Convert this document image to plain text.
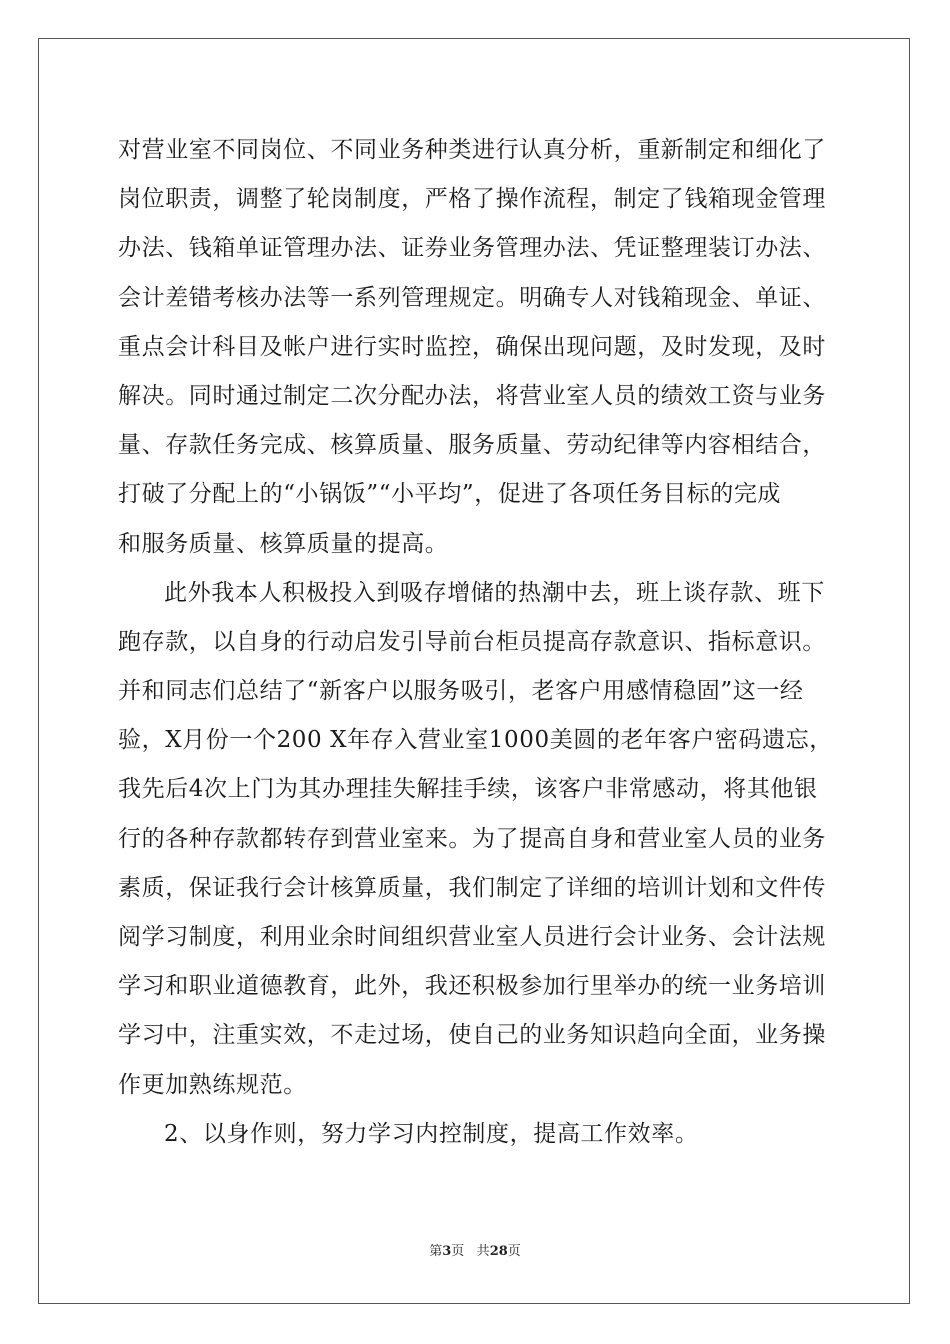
对营业室不同岗位、不同业务种类进行认真分析，重新制定和细化了
岗位职责，调整了轮岗制度，严格了操作流程，制定了钱箱现金管理
办法、钱箱单证管理办法、证券业务管理办法、凭证整理装订办法、
会计差错考核办法等一系列管理规定。明确专人对钱箱现金、单证、
重点会计科目及帐户进行实时监控，确保出现问题，及时发现，及时
解决。同时通过制定二次分配办法，将营业室人员的绩效工资与业务
量、存款任务完成、核算质量、服务质量、劳动纪律等内容相结合，
打破了分配上的“小锅饭”“小平均”，促进了各项任务目标的完成
和服务质量、核算质量的提高。
此外我本人积极投入到吸存增储的热潮中去，班上谈存款、班下
跑存款，以自身的行动启发引导前台柜员提高存款意识、指标意识。
并和同志们总结了“新客户以服务吸引，老客户用感情稳固”这一经
验，X月份一个200 X年存入营业室1000美圆的老年客户密码遗忘，
我先后4次上门为其办理挂失解挂手续，该客户非常感动，将其他银
行的各种存款都转存到营业室来。为了提高自身和营业室人员的业务
素质，保证我行会计核算质量，我们制定了详细的培训计划和文件传
阅学习制度，利用业余时间组织营业室人员进行会计业务、会计法规
学习和职业道德教育，此外，我还积极参加行里举办的统一业务培训
学习中，注重实效，不走过场，使自己的业务知识趋向全面，业务操
作更加熟练规范。
2、以身作则，努力学习内控制度，提高工作效率。
第3页 共28页
